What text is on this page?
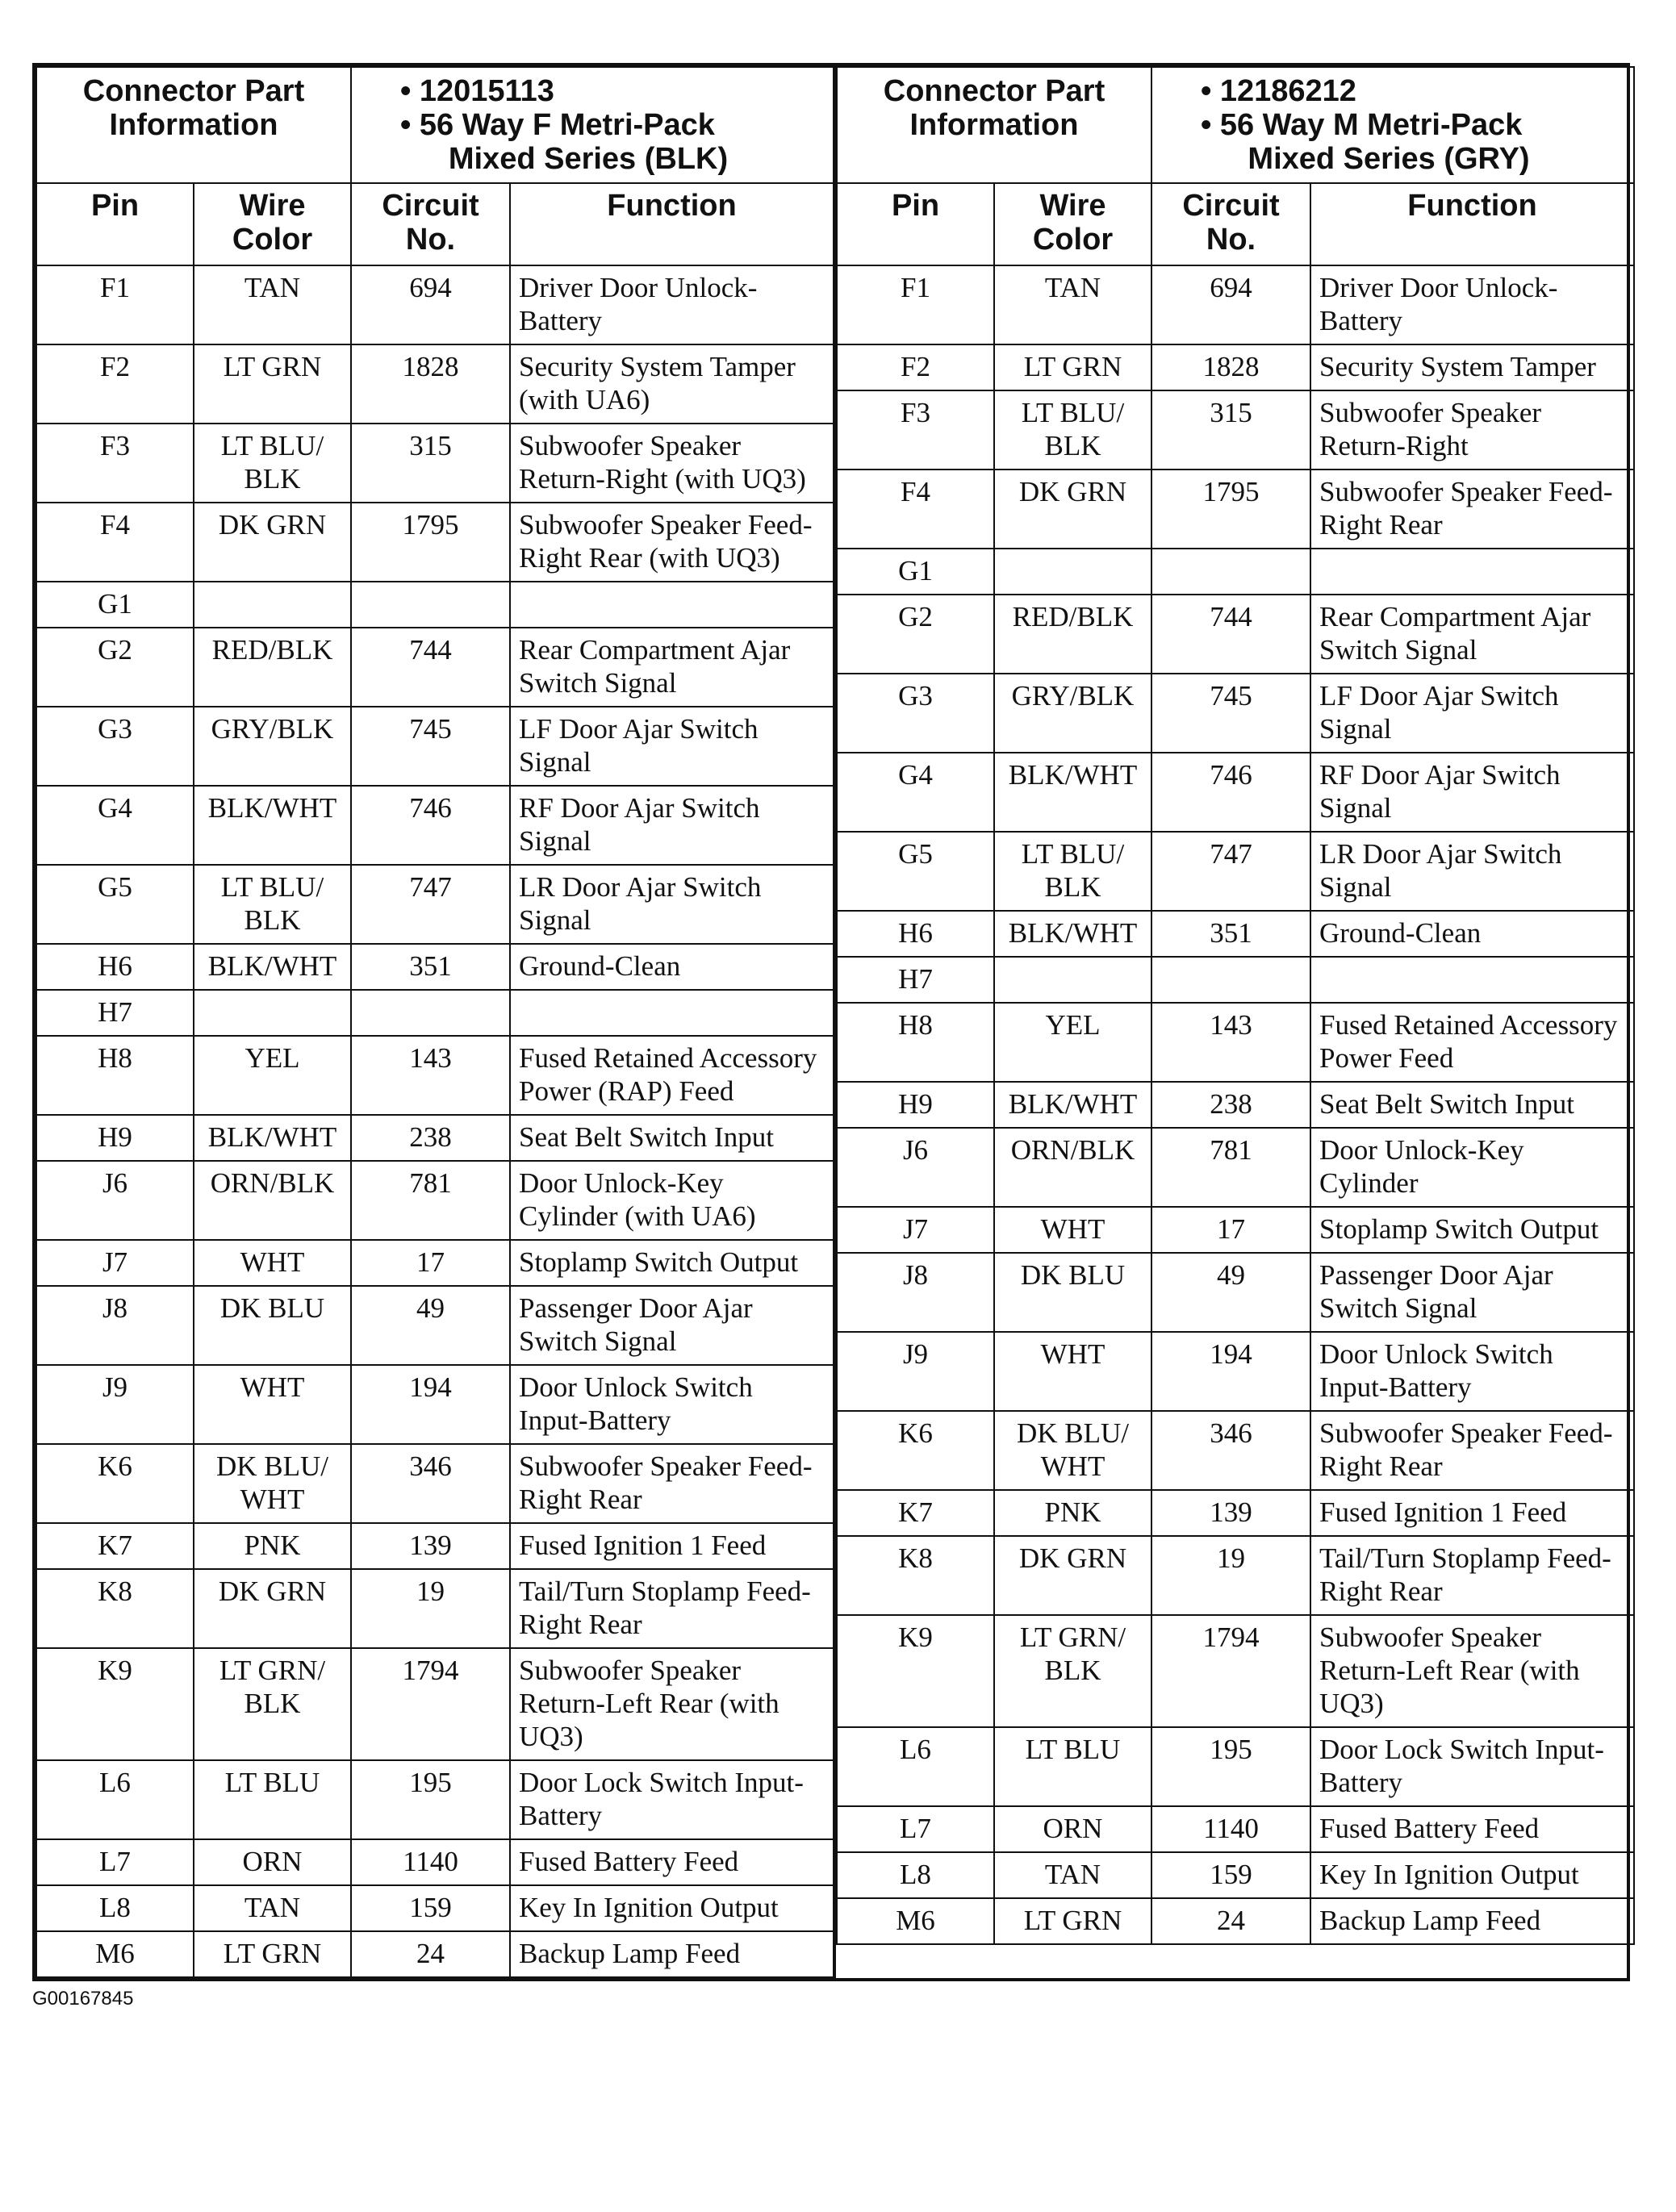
Connector Part Information		• 12015113
• 56 Way F Metri-Pack
Mixed Series (BLK)	

Pin	Wire Color	Circuit No.	Function
F1	TAN	694	Driver Door Unlock-Battery
F2	LT GRN	1828	Security System Tamper (with UA6)
F3	LT BLU/ BLK	315	Subwoofer Speaker Return-Right (with UQ3)
F4	DK GRN	1795	Subwoofer Speaker Feed-Right Rear (with UQ3)
G1			
G2	RED/BLK	744	Rear Compartment Ajar Switch Signal
G3	GRY/BLK	745	LF Door Ajar Switch Signal
G4	BLK/WHT	746	RF Door Ajar Switch Signal
G5	LT BLU/ BLK	747	LR Door Ajar Switch Signal
H6	BLK/WHT	351	Ground-Clean
H7			
H8	YEL	143	Fused Retained Accessory Power (RAP) Feed
H9	BLK/WHT	238	Seat Belt Switch Input
J6	ORN/BLK	781	Door Unlock-Key Cylinder (with UA6)
J7	WHT	17	Stoplamp Switch Output
J8	DK BLU	49	Passenger Door Ajar Switch Signal
J9	WHT	194	Door Unlock Switch Input-Battery
K6	DK BLU/ WHT	346	Subwoofer Speaker Feed-Right Rear
K7	PNK	139	Fused Ignition 1 Feed
K8	DK GRN	19	Tail/Turn Stoplamp Feed-Right Rear
K9	LT GRN/ BLK	1794	Subwoofer Speaker Return-Left Rear (with UQ3)
L6	LT BLU	195	Door Lock Switch Input-Battery
L7	ORN	1140	Fused Battery Feed
L8	TAN	159	Key In Ignition Output
M6	LT GRN	24	Backup Lamp Feed
Connector Part Information		• 12186212
• 56 Way M Metri-Pack
Mixed Series (GRY)	

Pin	Wire Color	Circuit No.	Function
F1	TAN	694	Driver Door Unlock-Battery
F2	LT GRN	1828	Security System Tamper
F3	LT BLU/ BLK	315	Subwoofer Speaker Return-Right
F4	DK GRN	1795	Subwoofer Speaker Feed-Right Rear
G1			
G2	RED/BLK	744	Rear Compartment Ajar Switch Signal
G3	GRY/BLK	745	LF Door Ajar Switch Signal
G4	BLK/WHT	746	RF Door Ajar Switch Signal
G5	LT BLU/ BLK	747	LR Door Ajar Switch Signal
H6	BLK/WHT	351	Ground-Clean
H7			
H8	YEL	143	Fused Retained Accessory Power Feed
H9	BLK/WHT	238	Seat Belt Switch Input
J6	ORN/BLK	781	Door Unlock-Key Cylinder
J7	WHT	17	Stoplamp Switch Output
J8	DK BLU	49	Passenger Door Ajar Switch Signal
J9	WHT	194	Door Unlock Switch Input-Battery
K6	DK BLU/ WHT	346	Subwoofer Speaker Feed-Right Rear
K7	PNK	139	Fused Ignition 1 Feed
K8	DK GRN	19	Tail/Turn Stoplamp Feed-Right Rear
K9	LT GRN/ BLK	1794	Subwoofer Speaker Return-Left Rear (with UQ3)
L6	LT BLU	195	Door Lock Switch Input-Battery
L7	ORN	1140	Fused Battery Feed
L8	TAN	159	Key In Ignition Output
M6	LT GRN	24	Backup Lamp Feed
G00167845
